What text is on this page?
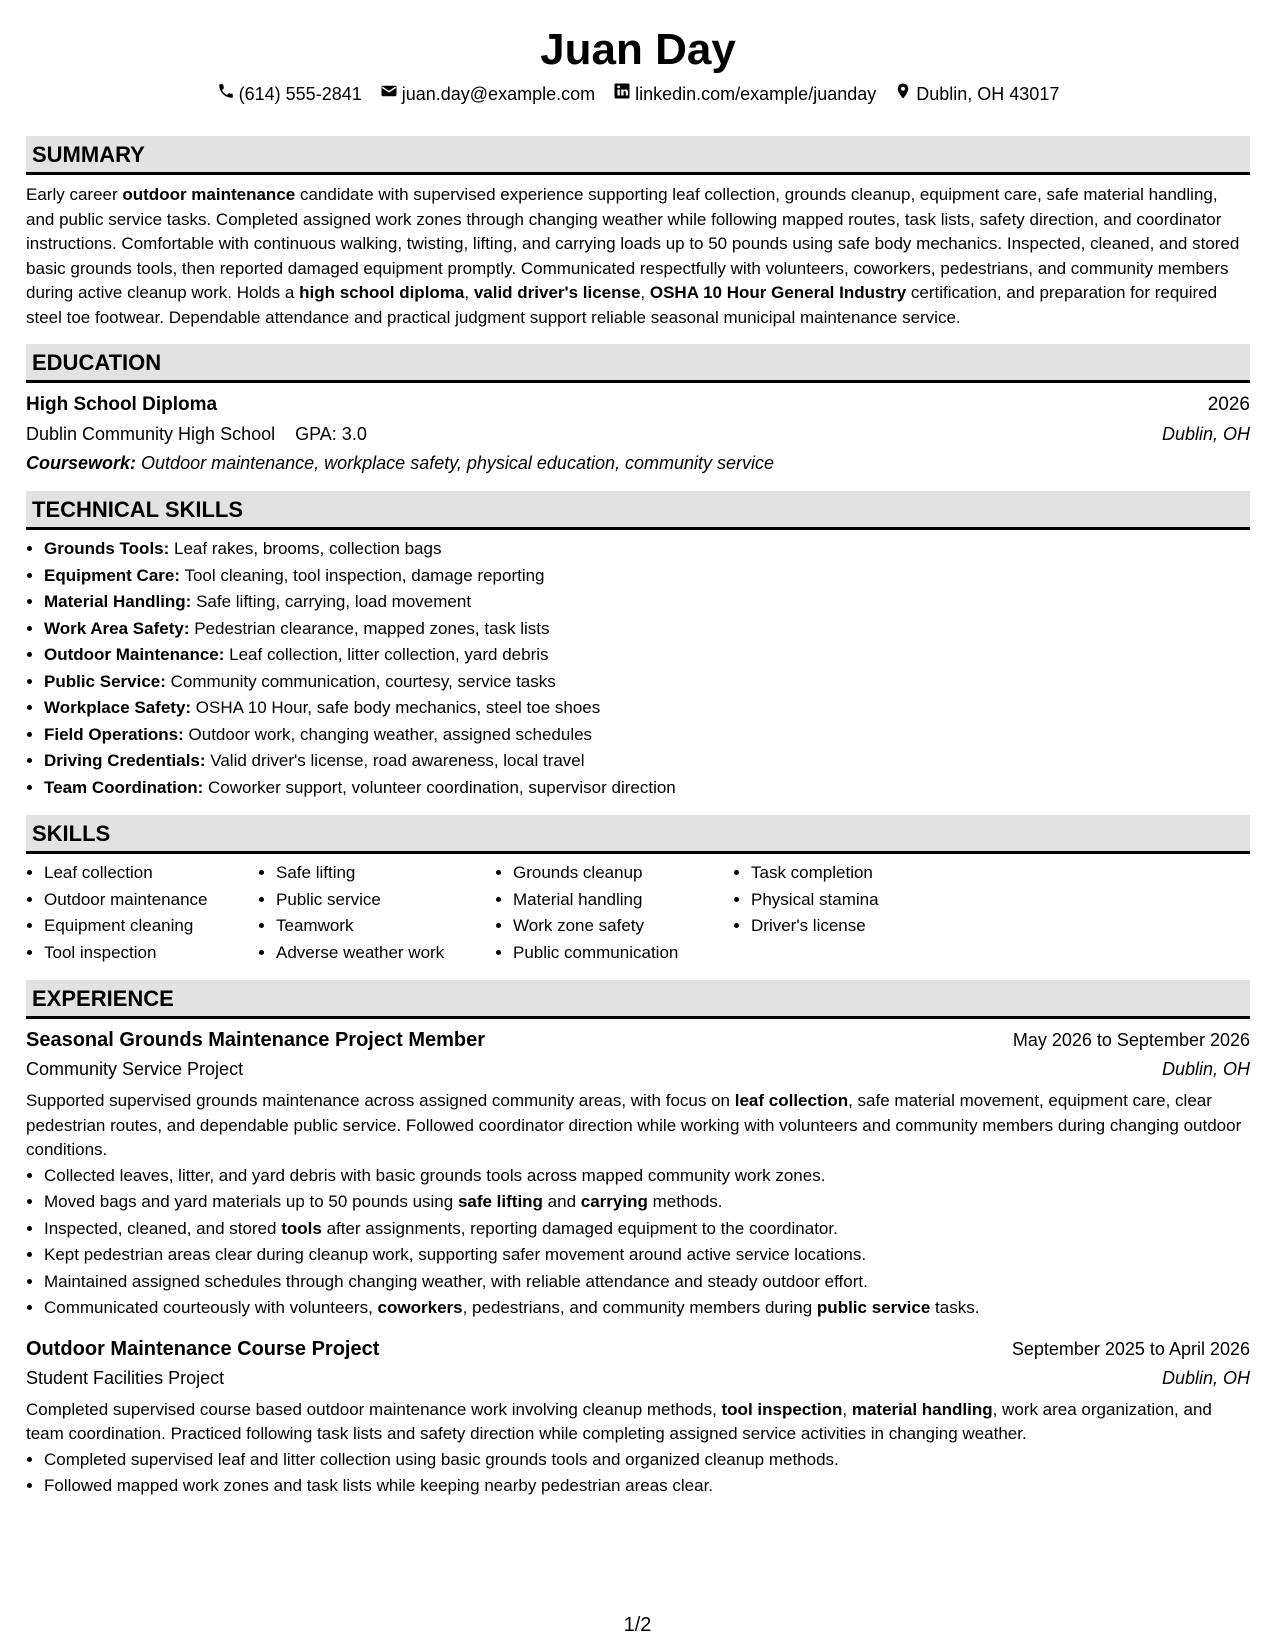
Juan Day
(614) 555-2841 juan.day@example.com linkedin.com/example/juanday Dublin, OH 43017
SUMMARY

Early career outdoor maintenance candidate with supervised experience supporting leaf collection, grounds cleanup, equipment care, safe material handling, and public service tasks. Completed assigned work zones through changing weather while following mapped routes, task lists, safety direction, and coordinator instructions. Comfortable with continuous walking, twisting, lifting, and carrying loads up to 50 pounds using safe body mechanics. Inspected, cleaned, and stored basic grounds tools, then reported damaged equipment promptly. Communicated respectfully with volunteers, coworkers, pedestrians, and community members during active cleanup work. Holds a high school diploma, valid driver's license, OSHA 10 Hour General Industry certification, and preparation for required steel toe footwear. Dependable attendance and practical judgment support reliable seasonal municipal maintenance service.

EDUCATION
High School Diploma	2026
Dublin Community High School GPA: 3.0	Dublin, OH
Coursework: Outdoor maintenance, workplace safety, physical education, community service
TECHNICAL SKILLS
• Grounds Tools: Leaf rakes, brooms, collection bags
• Equipment Care: Tool cleaning, tool inspection, damage reporting
• Material Handling: Safe lifting, carrying, load movement
• Work Area Safety: Pedestrian clearance, mapped zones, task lists
• Outdoor Maintenance: Leaf collection, litter collection, yard debris
• Public Service: Community communication, courtesy, service tasks
• Workplace Safety: OSHA 10 Hour, safe body mechanics, steel toe shoes
• Field Operations: Outdoor work, changing weather, assigned schedules
• Driving Credentials: Valid driver's license, road awareness, local travel
• Team Coordination: Coworker support, volunteer coordination, supervisor direction
SKILLS
• Leaf collection
• Outdoor maintenance
• Equipment cleaning
• Tool inspection
• Safe lifting
• Public service
• Teamwork
• Adverse weather work
• Grounds cleanup
• Material handling
• Work zone safety
• Public communication
• Task completion
• Physical stamina
• Driver's license
EXPERIENCE
Seasonal Grounds Maintenance Project Member	May 2026 to September 2026
Community Service Project	Dublin, OH

Supported supervised grounds maintenance across assigned community areas, with focus on leaf collection, safe material movement, equipment care, clear pedestrian routes, and dependable public service. Followed coordinator direction while working with volunteers and community members during changing outdoor conditions.

• Collected leaves, litter, and yard debris with basic grounds tools across mapped community work zones.
• Moved bags and yard materials up to 50 pounds using safe lifting and carrying methods.
• Inspected, cleaned, and stored tools after assignments, reporting damaged equipment to the coordinator.
• Kept pedestrian areas clear during cleanup work, supporting safer movement around active service locations.
• Maintained assigned schedules through changing weather, with reliable attendance and steady outdoor effort.
• Communicated courteously with volunteers, coworkers, pedestrians, and community members during public service tasks.
Outdoor Maintenance Course Project	September 2025 to April 2026
Student Facilities Project	Dublin, OH

Completed supervised course based outdoor maintenance work involving cleanup methods, tool inspection, material handling, work area organization, and team coordination. Practiced following task lists and safety direction while completing assigned service activities in changing weather.

• Completed supervised leaf and litter collection using basic grounds tools and organized cleanup methods.
• Followed mapped work zones and task lists while keeping nearby pedestrian areas clear.
1/2
